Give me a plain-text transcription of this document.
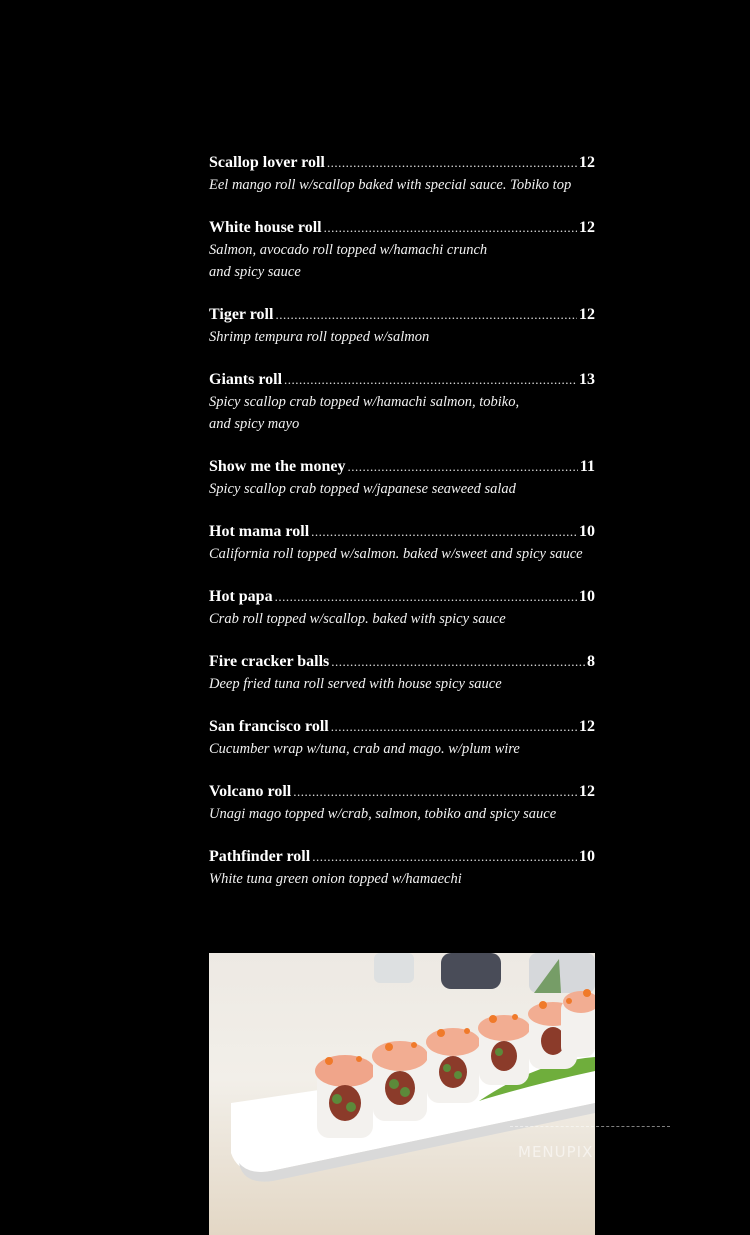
Scallop lover roll .....	12
Eel mango roll w/scallop baked with special sauce. Tobiko top
White house roll .....	12
Salmon, avocado roll topped w/hamachi crunch
and spicy sauce
Tiger roll .....	12
Shrimp tempura roll topped w/salmon
Giants roll .....	13
Spicy scallop crab topped w/hamachi salmon, tobiko,
and spicy mayo
Show me the money .....	11
Spicy scallop crab topped w/japanese seaweed salad
Hot mama roll .....	10
California roll topped w/salmon. baked w/sweet and spicy sauce
Hot papa .....	10
Crab roll topped w/scallop. baked with spicy sauce
Fire cracker balls .....	8
Deep fried tuna roll served with house spicy sauce
San francisco roll .....	12
Cucumber wrap w/tuna, crab and mago. w/plum wire
Volcano roll .....	12
Unagi mago topped w/crab, salmon, tobiko and spicy sauce
Pathfinder roll .....	10
White tuna green onion topped w/hamaechi
MENUPIX
